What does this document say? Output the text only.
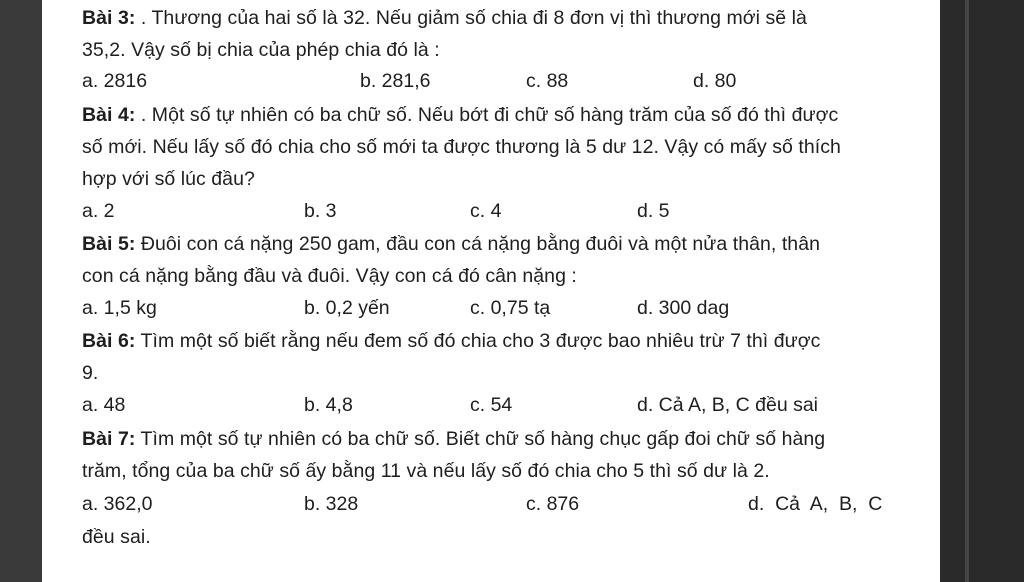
Bài 3: . Thương của hai số là 32. Nếu giảm số chia đi 8 đơn vị thì thương mới sẽ là
35,2. Vậy số bị chia của phép chia đó là :
a. 2816	b. 281,6	c. 88	d. 80
Bài 4: . Một số tự nhiên có ba chữ số. Nếu bớt đi chữ số hàng trăm của số đó thì được
số mới. Nếu lấy số đó chia cho số mới ta được thương là 5 dư 12. Vậy có mấy số thích
hợp với số lúc đầu?
a. 2	b. 3	c. 4	d. 5
Bài 5: Đuôi con cá nặng 250 gam, đầu con cá nặng bằng đuôi và một nửa thân, thân
con cá nặng bằng đầu và đuôi. Vậy con cá đó cân nặng :
a. 1,5 kg	b. 0,2 yến	c. 0,75 tạ	d. 300 dag
Bài 6: Tìm một số biết rằng nếu đem số đó chia cho 3 được bao nhiêu trừ 7 thì được
9.
a. 48	b. 4,8	c. 54	d. Cả A, B, C đều sai
Bài 7: Tìm một số tự nhiên có ba chữ số. Biết chữ số hàng chục gấp đoi chữ số hàng
trăm, tổng của ba chữ số ấy bằng 11 và nếu lấy số đó chia cho 5 thì số dư là 2.
a. 362,0	b. 328	c. 876	d.  Cả  A,  B,  C
đều sai.
